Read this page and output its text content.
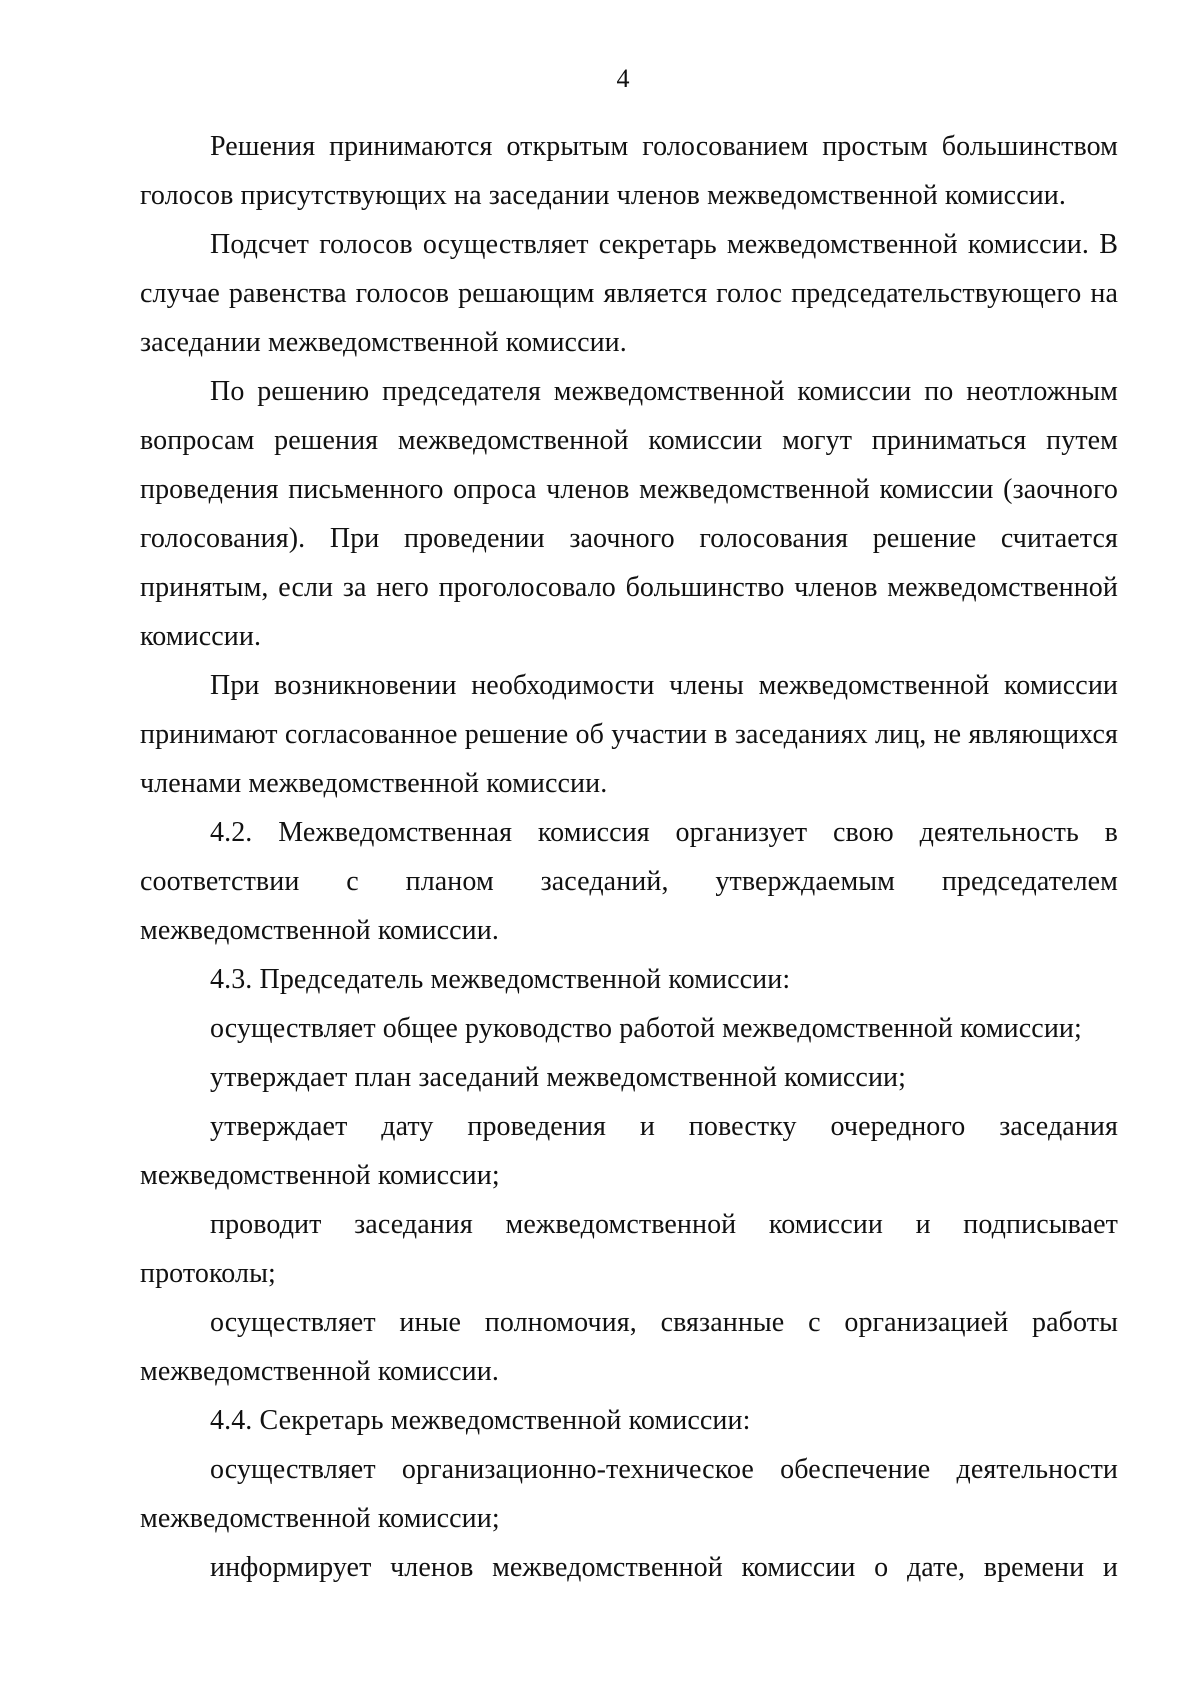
4

Решения принимаются открытым голосованием простым большинством голосов присутствующих на заседании членов межведомственной комиссии.

Подсчет голосов осуществляет секретарь межведомственной комиссии. В случае равенства голосов решающим является голос председательствующего на заседании межведомственной комиссии.

По решению председателя межведомственной комиссии по неотложным вопросам решения межведомственной комиссии могут приниматься путем проведения письменного опроса членов межведомственной комиссии (заочного голосования). При проведении заочного голосования решение считается принятым, если за него проголосовало большинство членов межведомственной комиссии.

При возникновении необходимости члены межведомственной комиссии принимают согласованное решение об участии в заседаниях лиц, не являющихся членами межведомственной комиссии.

4.2. Межведомственная комиссия организует свою деятельность в соответствии с планом заседаний, утверждаемым председателем межведомственной комиссии.

4.3. Председатель межведомственной комиссии:

осуществляет общее руководство работой межведомственной комиссии;

утверждает план заседаний межведомственной комиссии;

утверждает дату проведения и повестку очередного заседания межведомственной комиссии;

проводит заседания межведомственной комиссии и подписывает протоколы;

осуществляет иные полномочия, связанные с организацией работы межведомственной комиссии.

4.4. Секретарь межведомственной комиссии:

осуществляет организационно-техническое обеспечение деятельности межведомственной комиссии;

информирует членов межведомственной комиссии о дате, времени и
